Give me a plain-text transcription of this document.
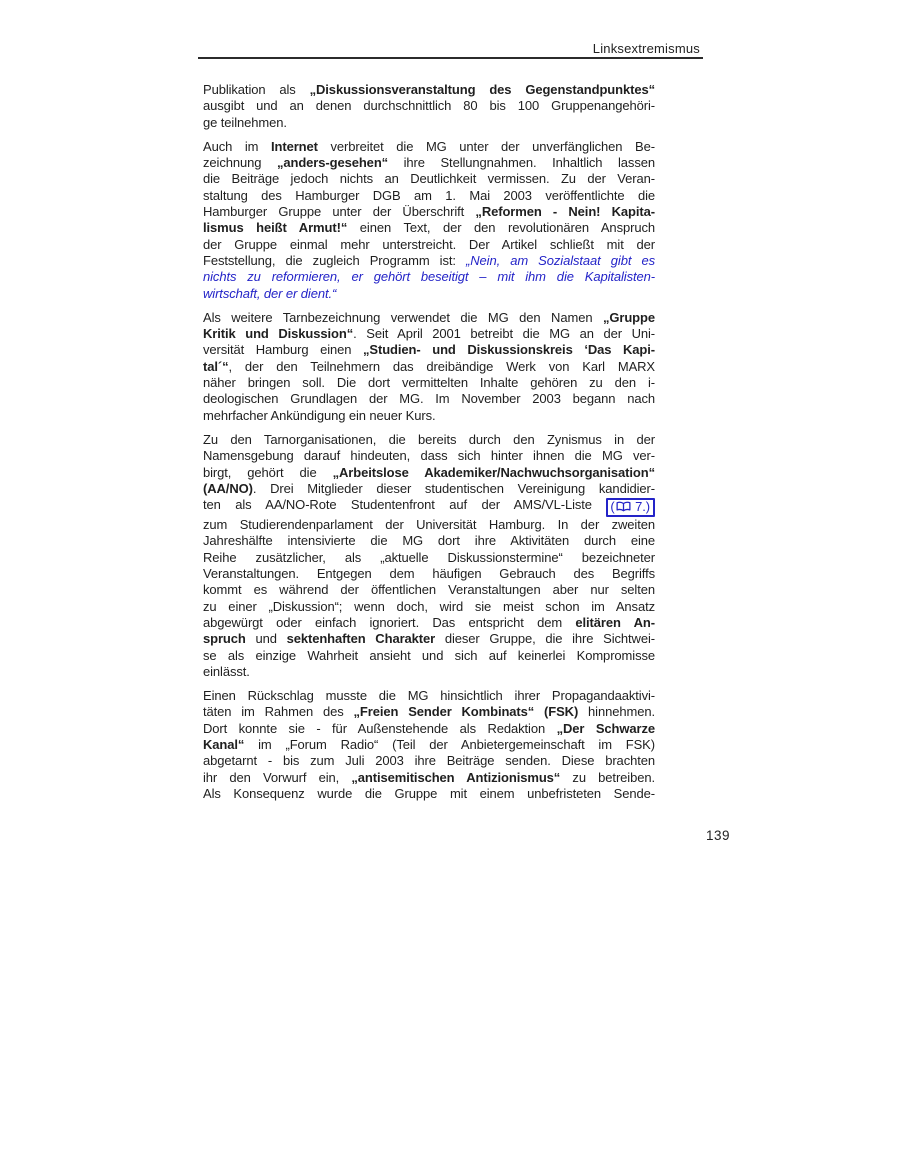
Linksextremismus
Publikation als „Diskussionsveranstaltung des Gegenstandpunktes“
ausgibt und an denen durchschnittlich 80 bis 100 Gruppenangehöri-
ge teilnehmen.
Auch im Internet verbreitet die MG unter der unverfänglichen Be-
zeichnung „anders-gesehen“ ihre Stellungnahmen. Inhaltlich lassen
die Beiträge jedoch nichts an Deutlichkeit vermissen. Zu der Veran-
staltung des Hamburger DGB am 1. Mai 2003 veröffentlichte die
Hamburger Gruppe unter der Überschrift „Reformen - Nein! Kapita-
lismus heißt Armut!“ einen Text, der den revolutionären Anspruch
der Gruppe einmal mehr unterstreicht. Der Artikel schließt mit der
Feststellung, die zugleich Programm ist: „Nein, am Sozialstaat gibt es
nichts zu reformieren, er gehört beseitigt – mit ihm die Kapitalisten-
wirtschaft, der er dient.“
Als weitere Tarnbezeichnung verwendet die MG den Namen „Gruppe
Kritik und Diskussion“. Seit April 2001 betreibt die MG an der Uni-
versität Hamburg einen „Studien- und Diskussionskreis ‘Das Kapi-
tal´“, der den Teilnehmern das dreibändige Werk von Karl MARX
näher bringen soll. Die dort vermittelten Inhalte gehören zu den i-
deologischen Grundlagen der MG. Im November 2003 begann nach
mehrfacher Ankündigung ein neuer Kurs.
Zu den Tarnorganisationen, die bereits durch den Zynismus in der
Namensgebung darauf hindeuten, dass sich hinter ihnen die MG ver-
birgt, gehört die „Arbeitslose Akademiker/Nachwuchsorganisation“
(AA/NO). Drei Mitglieder dieser studentischen Vereinigung kandidier-
ten als AA/NO-Rote Studentenfront auf der AMS/VL-Liste ( 7.)
zum Studierendenparlament der Universität Hamburg. In der zweiten
Jahreshälfte intensivierte die MG dort ihre Aktivitäten durch eine
Reihe zusätzlicher, als „aktuelle Diskussionstermine“ bezeichneter
Veranstaltungen. Entgegen dem häufigen Gebrauch des Begriffs
kommt es während der öffentlichen Veranstaltungen aber nur selten
zu einer „Diskussion“; wenn doch, wird sie meist schon im Ansatz
abgewürgt oder einfach ignoriert. Das entspricht dem elitären An-
spruch und sektenhaften Charakter dieser Gruppe, die ihre Sichtwei-
se als einzige Wahrheit ansieht und sich auf keinerlei Kompromisse
einlässt.
Einen Rückschlag musste die MG hinsichtlich ihrer Propagandaaktivi-
täten im Rahmen des „Freien Sender Kombinats“ (FSK) hinnehmen.
Dort konnte sie - für Außenstehende als Redaktion „Der Schwarze
Kanal“ im „Forum Radio“ (Teil der Anbietergemeinschaft im FSK)
abgetarnt - bis zum Juli 2003 ihre Beiträge senden. Diese brachten
ihr den Vorwurf ein, „antisemitischen Antizionismus“ zu betreiben.
Als Konsequenz wurde die Gruppe mit einem unbefristeten Sende-
139
